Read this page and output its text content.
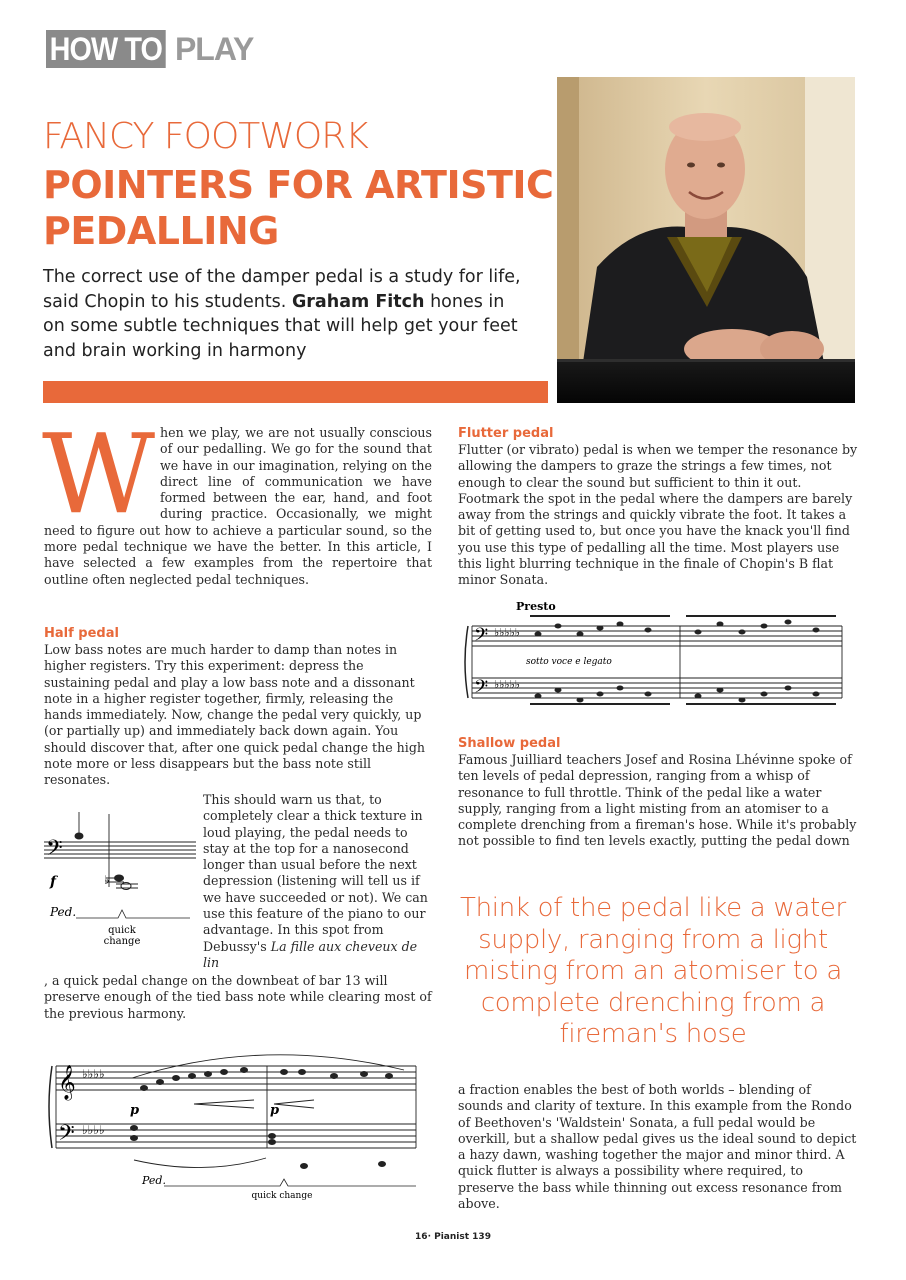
HOW TO PLAY
FANCY FOOTWORK
POINTERS FOR ARTISTIC PEDALLING

The correct use of the damper pedal is a study for life, said Chopin to his students. Graham Fitch hones in on some subtle techniques that will help get your feet and brain working in harmony

When we play, we are not usually conscious of our pedalling. We go for the sound that we have in our imagination, relying on the direct line of communication we have formed between the ear, hand, and foot during practice. Occasionally, we might need to figure out how to achieve a particular sound, so the more pedal technique we have the better. In this article, I have selected a few examples from the repertoire that outline often neglected pedal techniques.

Half pedal

Low bass notes are much harder to damp than notes in higher registers. Try this experiment: depress the sustaining pedal and play a low bass note and a dissonant note in a higher register together, firmly, releasing the hands immediately. Now, change the pedal very quickly, up (or partially up) and immediately back down again. You should discover that, after one quick pedal change the high note more or less disappears but the bass note still resonates.

𝄢
♭
f
Ped.
quick
change

This should warn us that, to completely clear a thick texture in loud playing, the pedal needs to stay at the top for a nanosecond longer than usual before the next depression (listening will tell us if we have succeeded or not). We can use this feature of the piano to our advantage. In this spot from Debussy's La fille aux cheveux de lin

, a quick pedal change on the downbeat of bar 13 will preserve enough of the tied bass note while clearing most of the previous harmony.

𝄞
𝄢
♭♭♭♭
♭♭♭♭
p	p
Ped.
quick change
Flutter pedal

Flutter (or vibrato) pedal is when we temper the resonance by allowing the dampers to graze the strings a few times, not enough to clear the sound but sufficient to thin it out. Footmark the spot in the pedal where the dampers are barely away from the strings and quickly vibrate the foot. It takes a bit of getting used to, but once you have the knack you'll find you use this type of pedalling all the time. Most players use this light blurring technique in the finale of Chopin's B flat minor Sonata.

Presto
𝄢
𝄢
♭♭♭♭♭
♭♭♭♭♭
sotto voce e legato
Shallow pedal

Famous Juilliard teachers Josef and Rosina Lhévinne spoke of ten levels of pedal depression, ranging from a whisp of resonance to full throttle. Think of the pedal like a water supply, ranging from a light misting from an atomiser to a complete drenching from a fireman's hose. While it's probably not possible to find ten levels exactly, putting the pedal down

Think of the pedal like a water supply, ranging from a light misting from an atomiser to a complete drenching from a fireman's hose

a fraction enables the best of both worlds – blending of sounds and clarity of texture. In this example from the Rondo of Beethoven's 'Waldstein' Sonata, a full pedal would be overkill, but a shallow pedal gives us the ideal sound to depict a hazy dawn, washing together the major and minor third. A quick flutter is always a possibility where required, to preserve the bass while thinning out excess resonance from above.

16· Pianist 139
